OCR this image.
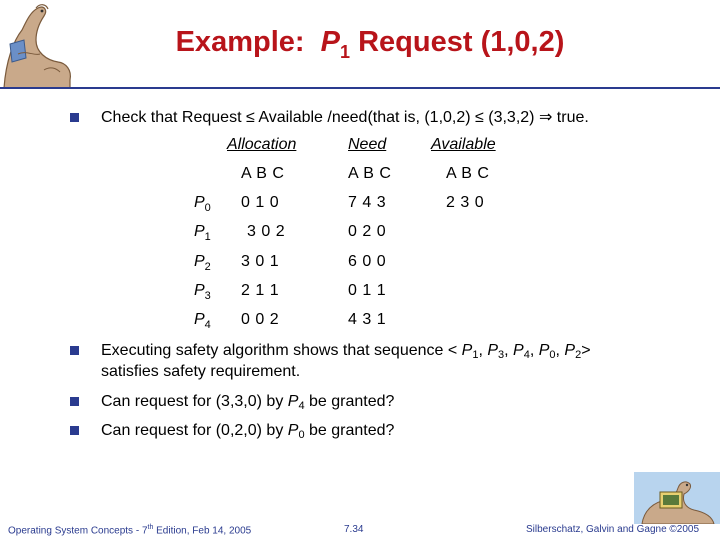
Example: $P_1$ Request (1,0,2)
Check that Request ≤ Available /need(that is, (1,0,2) ≤ (3,3,2) ⇒ true.
Allocation	Need	Available
A B C	A B C	A B C
$P_0$ 0 1 0	7 4 3	2 3 0
$P_1$ 3 0 2	0 2 0
$P_2$ 3 0 1	6 0 0
$P_3$ 2 1 1	0 1 1
$P_4$ 0 0 2	4 3 1
Executing safety algorithm shows that sequence < $P_1$, $P_3$, $P_4$, $P_0$, $P_2>$
satisfies safety requirement.
Can request for (3,3,0) by $P_4$ be granted?
Can request for (0,2,0) by $P_0$ be granted?
Operating System Concepts - 7th Edition, Feb 14, 2005	7.34	Silberschatz, Galvin and Gagne ©2005
